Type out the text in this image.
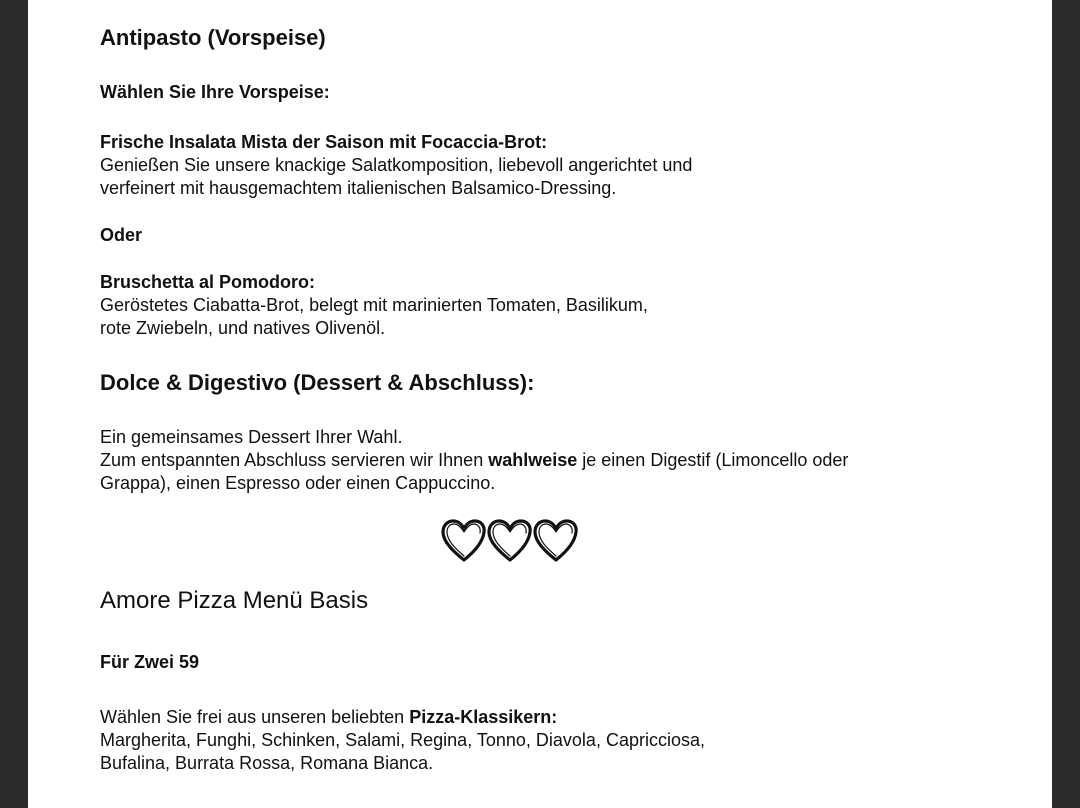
Antipasto (Vorspeise)

Wählen Sie Ihre Vorspeise:

Frische Insalata Mista der Saison mit Focaccia-Brot:
Genießen Sie unsere knackige Salatkomposition, liebevoll angerichtet und
verfeinert mit hausgemachtem italienischen Balsamico-Dressing.

Oder

Bruschetta al Pomodoro:
Geröstetes Ciabatta-Brot, belegt mit marinierten Tomaten, Basilikum,
rote Zwiebeln, und natives Olivenöl.
Dolce & Digestivo (Dessert & Abschluss):
Ein gemeinsames Dessert Ihrer Wahl.
Zum entspannten Abschluss servieren wir Ihnen wahlweise je einen Digestif (Limoncello oder
Grappa), einen Espresso oder einen Cappuccino.
Amore Pizza Menü Basis

Für Zwei 59

Wählen Sie frei aus unseren beliebten Pizza-Klassikern:
Margherita, Funghi, Schinken, Salami, Regina, Tonno, Diavola, Capricciosa,
Bufalina, Burrata Rossa, Romana Bianca.
